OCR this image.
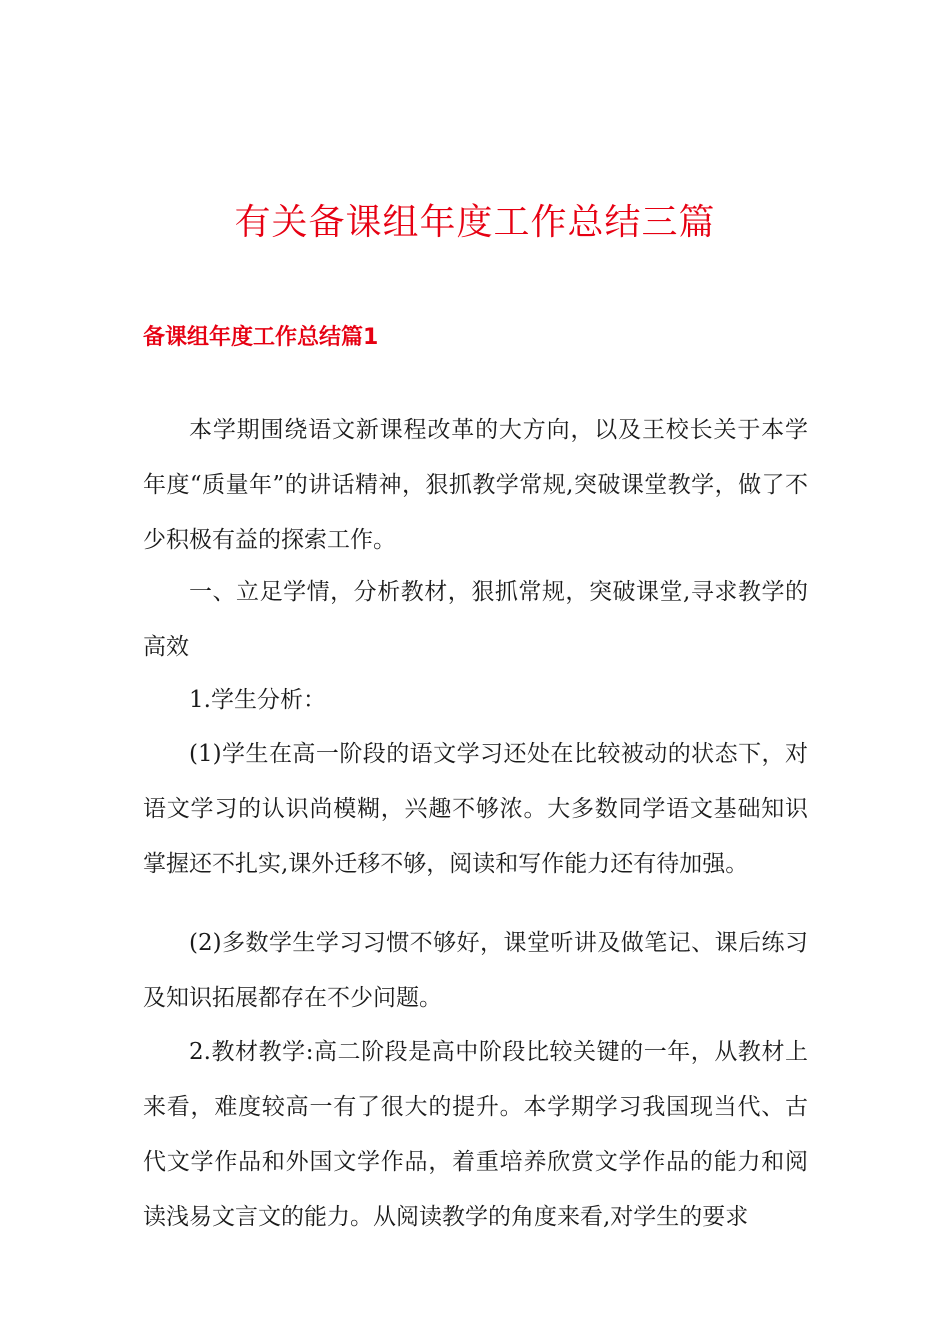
有关备课组年度工作总结三篇
备课组年度工作总结篇1

本学期围绕语文新课程改革的大方向，以及王校长关于本学年度“质量年”的讲话精神，狠抓教学常规,突破课堂教学，做了不少积极有益的探索工作。

一、立足学情，分析教材，狠抓常规，突破课堂,寻求教学的高效

1.学生分析：

(1)学生在高一阶段的语文学习还处在比较被动的状态下，对语文学习的认识尚模糊，兴趣不够浓。大多数同学语文基础知识掌握还不扎实,课外迁移不够，阅读和写作能力还有待加强。

(2)多数学生学习习惯不够好，课堂听讲及做笔记、课后练习及知识拓展都存在不少问题。

2.教材教学:高二阶段是高中阶段比较关键的一年，从教材上来看，难度较高一有了很大的提升。本学期学习我国现当代、古代文学作品和外国文学作品，着重培养欣赏文学作品的能力和阅读浅易文言文的能力。从阅读教学的角度来看,对学生的要求
